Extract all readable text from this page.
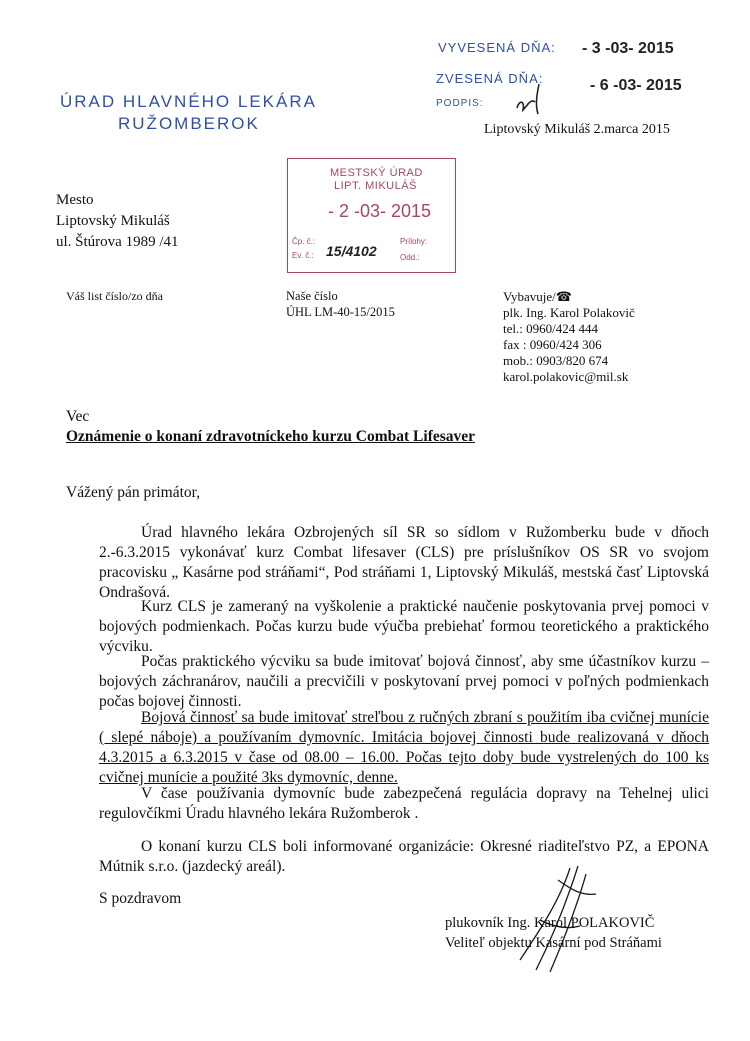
VYVESENÁ DŇA: - 3 -03- 2015
ZVESENÁ DŇA:	- 6 -03- 2015
PODPIS:
ÚRAD HLAVNÉHO LEKÁRA
RUŽOMBEROK	Liptovský Mikuláš 2.marca 2015
Mesto
Liptovský Mikuláš
ul. Štúrova 1989 /41
MESTSKÝ ÚRAD
LIPT. MIKULÁŠ
- 2 -03- 2015
Čp. č.:
Ev. č.: 15/4102
Prílohy:
Odd.:
Váš list číslo/zo dňa	Naše číslo
ÚHL LM-40-15/2015
Vybavuje/☎
plk. Ing. Karol Polakovič
tel.: 0960/424 444
fax : 0960/424 306
mob.: 0903/820 674
karol.polakovic@mil.sk
Vec
Oznámenie o konaní zdravotníckeho kurzu Combat Lifesaver
Vážený pán primátor,
Úrad hlavného lekára Ozbrojených síl SR so sídlom v Ružomberku bude v dňoch 2.-6.3.2015 vykonávať kurz Combat lifesaver (CLS) pre príslušníkov OS SR vo svojom pracovisku „ Kasárne pod stráňami“, Pod stráňami 1, Liptovský Mikuláš, mestská časť Liptovská Ondrašová.
Kurz CLS je zameraný na vyškolenie a praktické naučenie poskytovania prvej pomoci v bojových podmienkach. Počas kurzu bude výučba prebiehať formou teoretického a praktického výcviku.
Počas praktického výcviku sa bude imitovať bojová činnosť, aby sme účastníkov kurzu – bojových záchranárov, naučili a precvičili v poskytovaní prvej pomoci v poľných podmienkach počas bojovej činnosti.
Bojová činnosť sa bude imitovať streľbou z ručných zbraní s použitím iba cvičnej munície ( slepé náboje) a používaním dymovníc. Imitácia bojovej činnosti bude realizovaná v dňoch 4.3.2015 a 6.3.2015 v čase od 08.00 – 16.00. Počas tejto doby bude vystrelených do 100 ks cvičnej munície a použité 3ks dymovníc, denne.
V čase používania dymovníc bude zabezpečená regulácia dopravy na Tehelnej ulici regulovčíkmi Úradu hlavného lekára Ružomberok .
O konaní kurzu CLS boli informované organizácie: Okresné riaditeľstvo PZ, a EPONA Mútnik s.r.o. (jazdecký areál).
S pozdravom
plukovník Ing. Karol POLAKOVIČ
Veliteľ objektu Kasární pod Stráňami
